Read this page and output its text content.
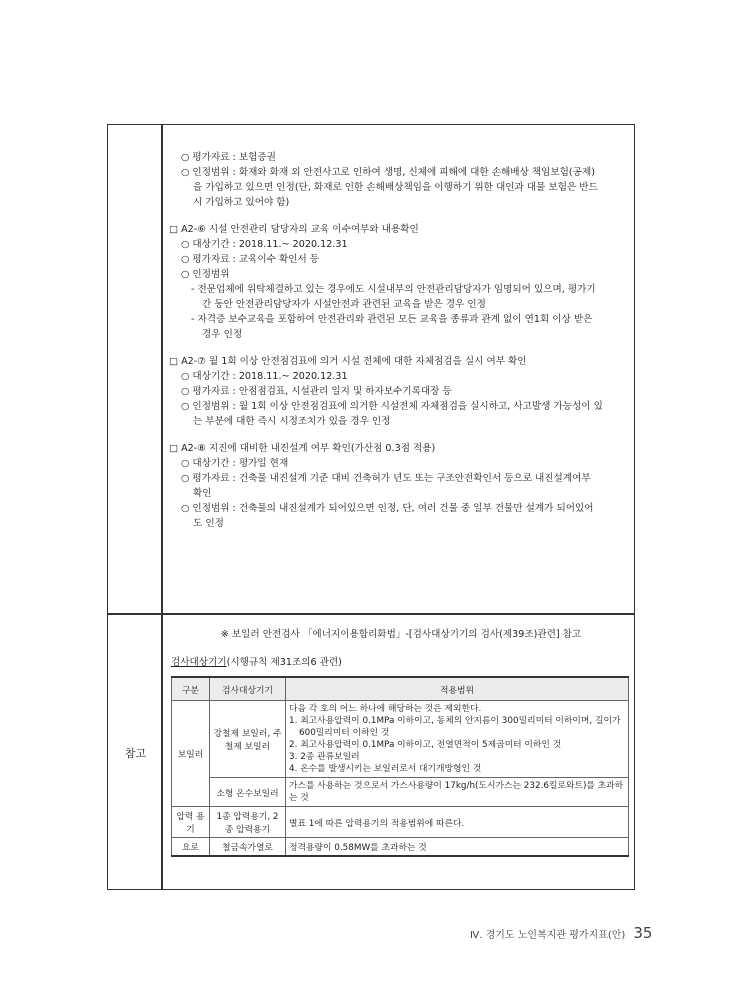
참고
○ 평가자료 : 보험증권
○ 인정범위 : 화재와 화재 외 안전사고로 인하여 생명, 신체에 피해에 대한 손해배상 책임보험(공제)
을 가입하고 있으면 인정(단, 화재로 인한 손해배상책임을 이행하기 위한 대인과 대물 보험은 반드
시 가입하고 있어야 함)
□ A2-⑥ 시설 안전관리 담당자의 교육 이수여부와 내용확인
○ 대상기간 : 2018.11.~ 2020.12.31
○ 평가자료 : 교육이수 확인서 등
○ 인정범위
- 전문업체에 위탁체결하고 있는 경우에도 시설내부의 안전관리담당자가 임명되어 있으며, 평가기
간 동안 안전관리담당자가 시설안전과 관련된 교육을 받은 경우 인정
- 자격증 보수교육을 포함하여 안전관리와 관련된 모든 교육을 종류과 관계 없이 연1회 이상 받은
경우 인정
□ A2-⑦ 월 1회 이상 안전점검표에 의거 시설 전체에 대한 자체점검을 실시 여부 확인
○ 대상기간 : 2018.11.~ 2020.12.31
○ 평가자료 : 안점점검표, 시설관리 일지 및 하자보수기록대장 등
○ 인정범위 : 월 1회 이상 안전점검표에 의거한 시설전체 자체점검을 실시하고, 사고발생 가능성이 있
는 부분에 대한 즉시 시정조치가 있을 경우 인정
□ A2-⑧ 지진에 대비한 내진설계 여부 확인(가산점 0.3점 적용)
○ 대상기간 : 평가일 현재
○ 평가자료 : 건축물 내진설계 기준 대비 건축허가 년도 또는 구조안전확인서 등으로 내진설계여부
확인
○ 인정범위 : 건축물의 내진설계가 되어있으면 인정, 단, 여러 건물 중 일부 건물만 설계가 되어있어
도 인정
※ 보일러 안전검사 「에너지이용합리화법」-[검사대상기기의 검사(제39조)관련] 참고
검사대상기기(시행규칙 제31조의6 관련)
구분	검사대상기기	적용범위
보일러	강철제 보일러, 주철제 보일러	다음 각 호의 어느 하나에 해당하는 것은 제외한다.
1. 최고사용압력이 0.1MPa 이하이고, 동체의 안지름이 300밀리미터 이하이며, 길이가 600밀리미터 이하인 것
2. 최고사용압력이 0.1MPa 이하이고, 전열면적이 5제곱미터 이하인 것
3. 2종 관류보일러
4. 온수를 발생시키는 보일러로서 대기개방형인 것

	소형 온수보일러	가스를 사용하는 것으로서 가스사용량이 17kg/h(도시가스는 232.6킬로와트)를 초과하는 것
압력 용기	1종 압력용기, 2종 압력용기	별표 1에 따른 압력용기의 적용범위에 따른다.
요로	철금속가열로	정격용량이 0.58MW를 초과하는 것
Ⅳ. 경기도 노인복지관 평가지표(안) 35
